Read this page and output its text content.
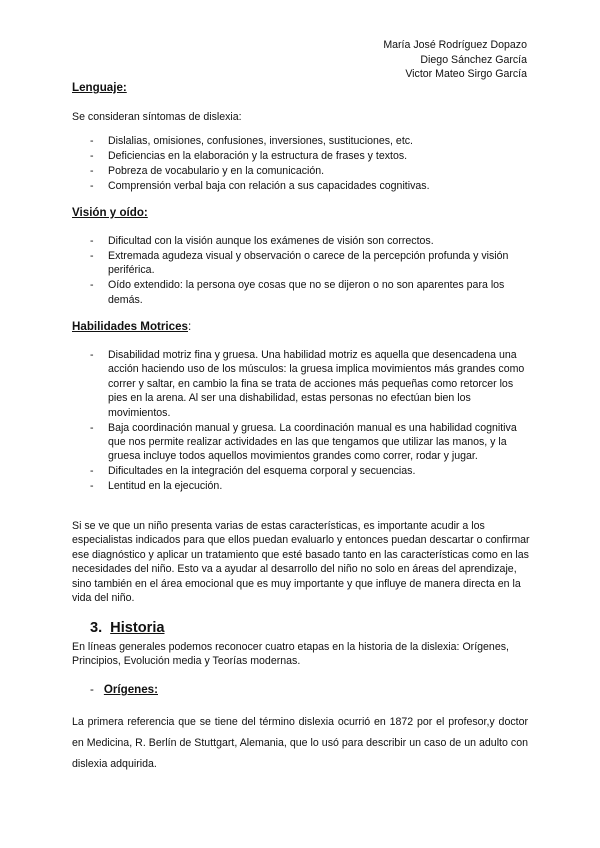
María José Rodríguez Dopazo
Diego Sánchez García
Victor Mateo Sirgo García
Lenguaje:
Se consideran síntomas de dislexia:
- Dislalias, omisiones, confusiones, inversiones, sustituciones, etc.
- Deficiencias en la elaboración y la estructura de frases y textos.
- Pobreza de vocabulario y en la comunicación.
- Comprensión verbal baja con relación a sus capacidades cognitivas.
Visión y oído:
- Dificultad con la visión aunque los exámenes de visión son correctos.
- Extremada agudeza visual y observación o carece de la percepción profunda y visión periférica.
- Oído extendido: la persona oye cosas que no se dijeron o no son aparentes para los demás.
Habilidades Motrices:
- Disabilidad motriz fina y gruesa. Una habilidad motriz es aquella que desencadena una acción haciendo uso de los músculos: la gruesa implica movimientos más grandes como correr y saltar, en cambio la fina se trata de acciones más pequeñas como retorcer los pies en la arena. Al ser una dishabilidad, estas personas no efectúan bien los movimientos.
- Baja coordinación manual y gruesa. La coordinación manual es una habilidad cognitiva que nos permite realizar actividades en las que tengamos que utilizar las manos, y la gruesa incluye todos aquellos movimientos grandes como correr, rodar y jugar.
- Dificultades en la integración del esquema corporal y secuencias.
- Lentitud en la ejecución.
Si se ve que un niño presenta varias de estas características, es importante acudir a los especialistas indicados para que ellos puedan evaluarlo y entonces puedan descartar o confirmar ese diagnóstico y aplicar un tratamiento que esté basado tanto en las características como en las necesidades del niño. Esto va a ayudar al desarrollo del niño no solo en áreas del aprendizaje, sino también en el área emocional que es muy importante y que influye de manera directa en la vida del niño.
3. Historia
En líneas generales podemos reconocer cuatro etapas en la historia de la dislexia: Orígenes, Principios, Evolución media y Teorías modernas.
- Orígenes:
La primera referencia que se tiene del término dislexia ocurrió en 1872 por el profesor,y doctor en Medicina, R. Berlín de Stuttgart, Alemania, que lo usó para describir un caso de un adulto con dislexia adquirida.
